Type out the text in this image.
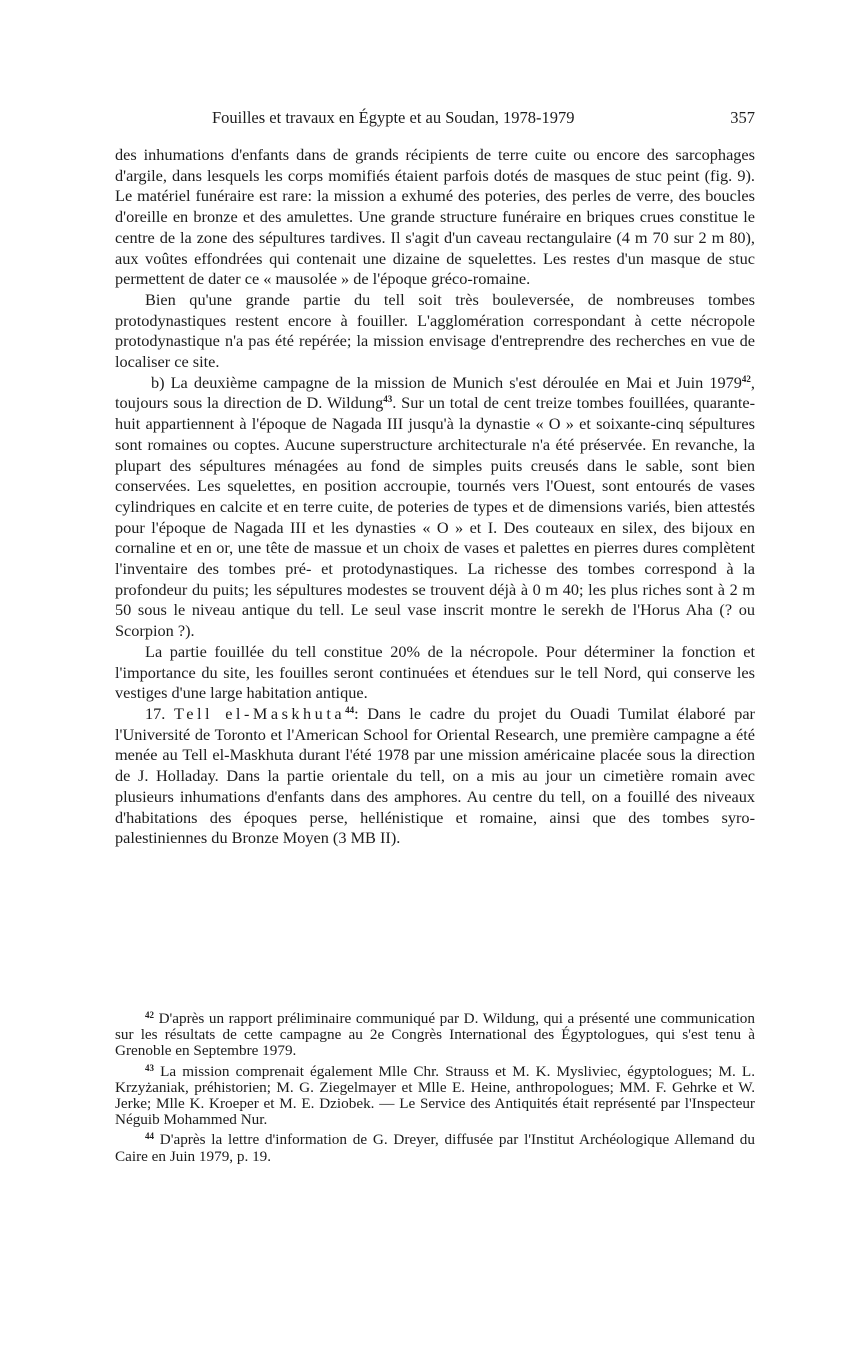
Fouilles et travaux en Égypte et au Soudan, 1978-1979	357

des inhumations d'enfants dans de grands récipients de terre cuite ou encore des sarcophages d'argile, dans lesquels les corps momifiés étaient parfois dotés de masques de stuc peint (fig. 9). Le matériel funéraire est rare: la mission a exhumé des poteries, des perles de verre, des boucles d'oreille en bronze et des amulettes. Une grande structure funéraire en briques crues constitue le centre de la zone des sépultures tardives. Il s'agit d'un caveau rectangulaire (4 m 70 sur 2 m 80), aux voûtes effondrées qui contenait une dizaine de squelettes. Les restes d'un masque de stuc permettent de dater ce « mausolée » de l'époque gréco-romaine.

Bien qu'une grande partie du tell soit très bouleversée, de nombreuses tombes protodynastiques restent encore à fouiller. L'agglomération correspondant à cette nécropole protodynastique n'a pas été repérée; la mission envisage d'entreprendre des recherches en vue de localiser ce site.

b) La deuxième campagne de la mission de Munich s'est déroulée en Mai et Juin 1979$^{42}$, toujours sous la direction de D. Wildung$^{43}$. Sur un total de cent treize tombes fouillées, quarante-huit appartiennent à l'époque de Nagada III jusqu'à la dynastie « O » et soixante-cinq sépultures sont romaines ou coptes. Aucune superstructure architecturale n'a été préservée. En revanche, la plupart des sépultures ménagées au fond de simples puits creusés dans le sable, sont bien conservées. Les squelettes, en position accroupie, tournés vers l'Ouest, sont entourés de vases cylindriques en calcite et en terre cuite, de poteries de types et de dimensions variés, bien attestés pour l'époque de Nagada III et les dynasties « O » et I. Des couteaux en silex, des bijoux en cornaline et en or, une tête de massue et un choix de vases et palettes en pierres dures complètent l'inventaire des tombes pré- et protodynastiques. La richesse des tombes correspond à la profondeur du puits; les sépultures modestes se trouvent déjà à 0 m 40; les plus riches sont à 2 m 50 sous le niveau antique du tell. Le seul vase inscrit montre le serekh de l'Horus Aha (? ou Scorpion ?).

La partie fouillée du tell constitue 20% de la nécropole. Pour déterminer la fonction et l'importance du site, les fouilles seront continuées et étendues sur le tell Nord, qui conserve les vestiges d'une large habitation antique.

17. Tell el-Maskhuta$^{44}$: Dans le cadre du projet du Ouadi Tumilat élaboré par l'Université de Toronto et l'American School for Oriental Research, une première campagne a été menée au Tell el-Maskhuta durant l'été 1978 par une mission américaine placée sous la direction de J. Holladay. Dans la partie orientale du tell, on a mis au jour un cimetière romain avec plusieurs inhumations d'enfants dans des amphores. Au centre du tell, on a fouillé des niveaux d'habitations des époques perse, hellénistique et romaine, ainsi que des tombes syro-palestiniennes du Bronze Moyen (3 MB II).

$^{42}$ D'après un rapport préliminaire communiqué par D. Wildung, qui a présenté une communication sur les résultats de cette campagne au 2e Congrès International des Égyptologues, qui s'est tenu à Grenoble en Septembre 1979.

$^{43}$ La mission comprenait également Mlle Chr. Strauss et M. K. Mysliviec, égyptologues; M. L. Krzyżaniak, préhistorien; M. G. Ziegelmayer et Mlle E. Heine, anthropologues; MM. F. Gehrke et W. Jerke; Mlle K. Kroeper et M. E. Dziobek. — Le Service des Antiquités était représenté par l'Inspecteur Néguib Mohammed Nur.

$^{44}$ D'après la lettre d'information de G. Dreyer, diffusée par l'Institut Archéologique Allemand du Caire en Juin 1979, p. 19.
